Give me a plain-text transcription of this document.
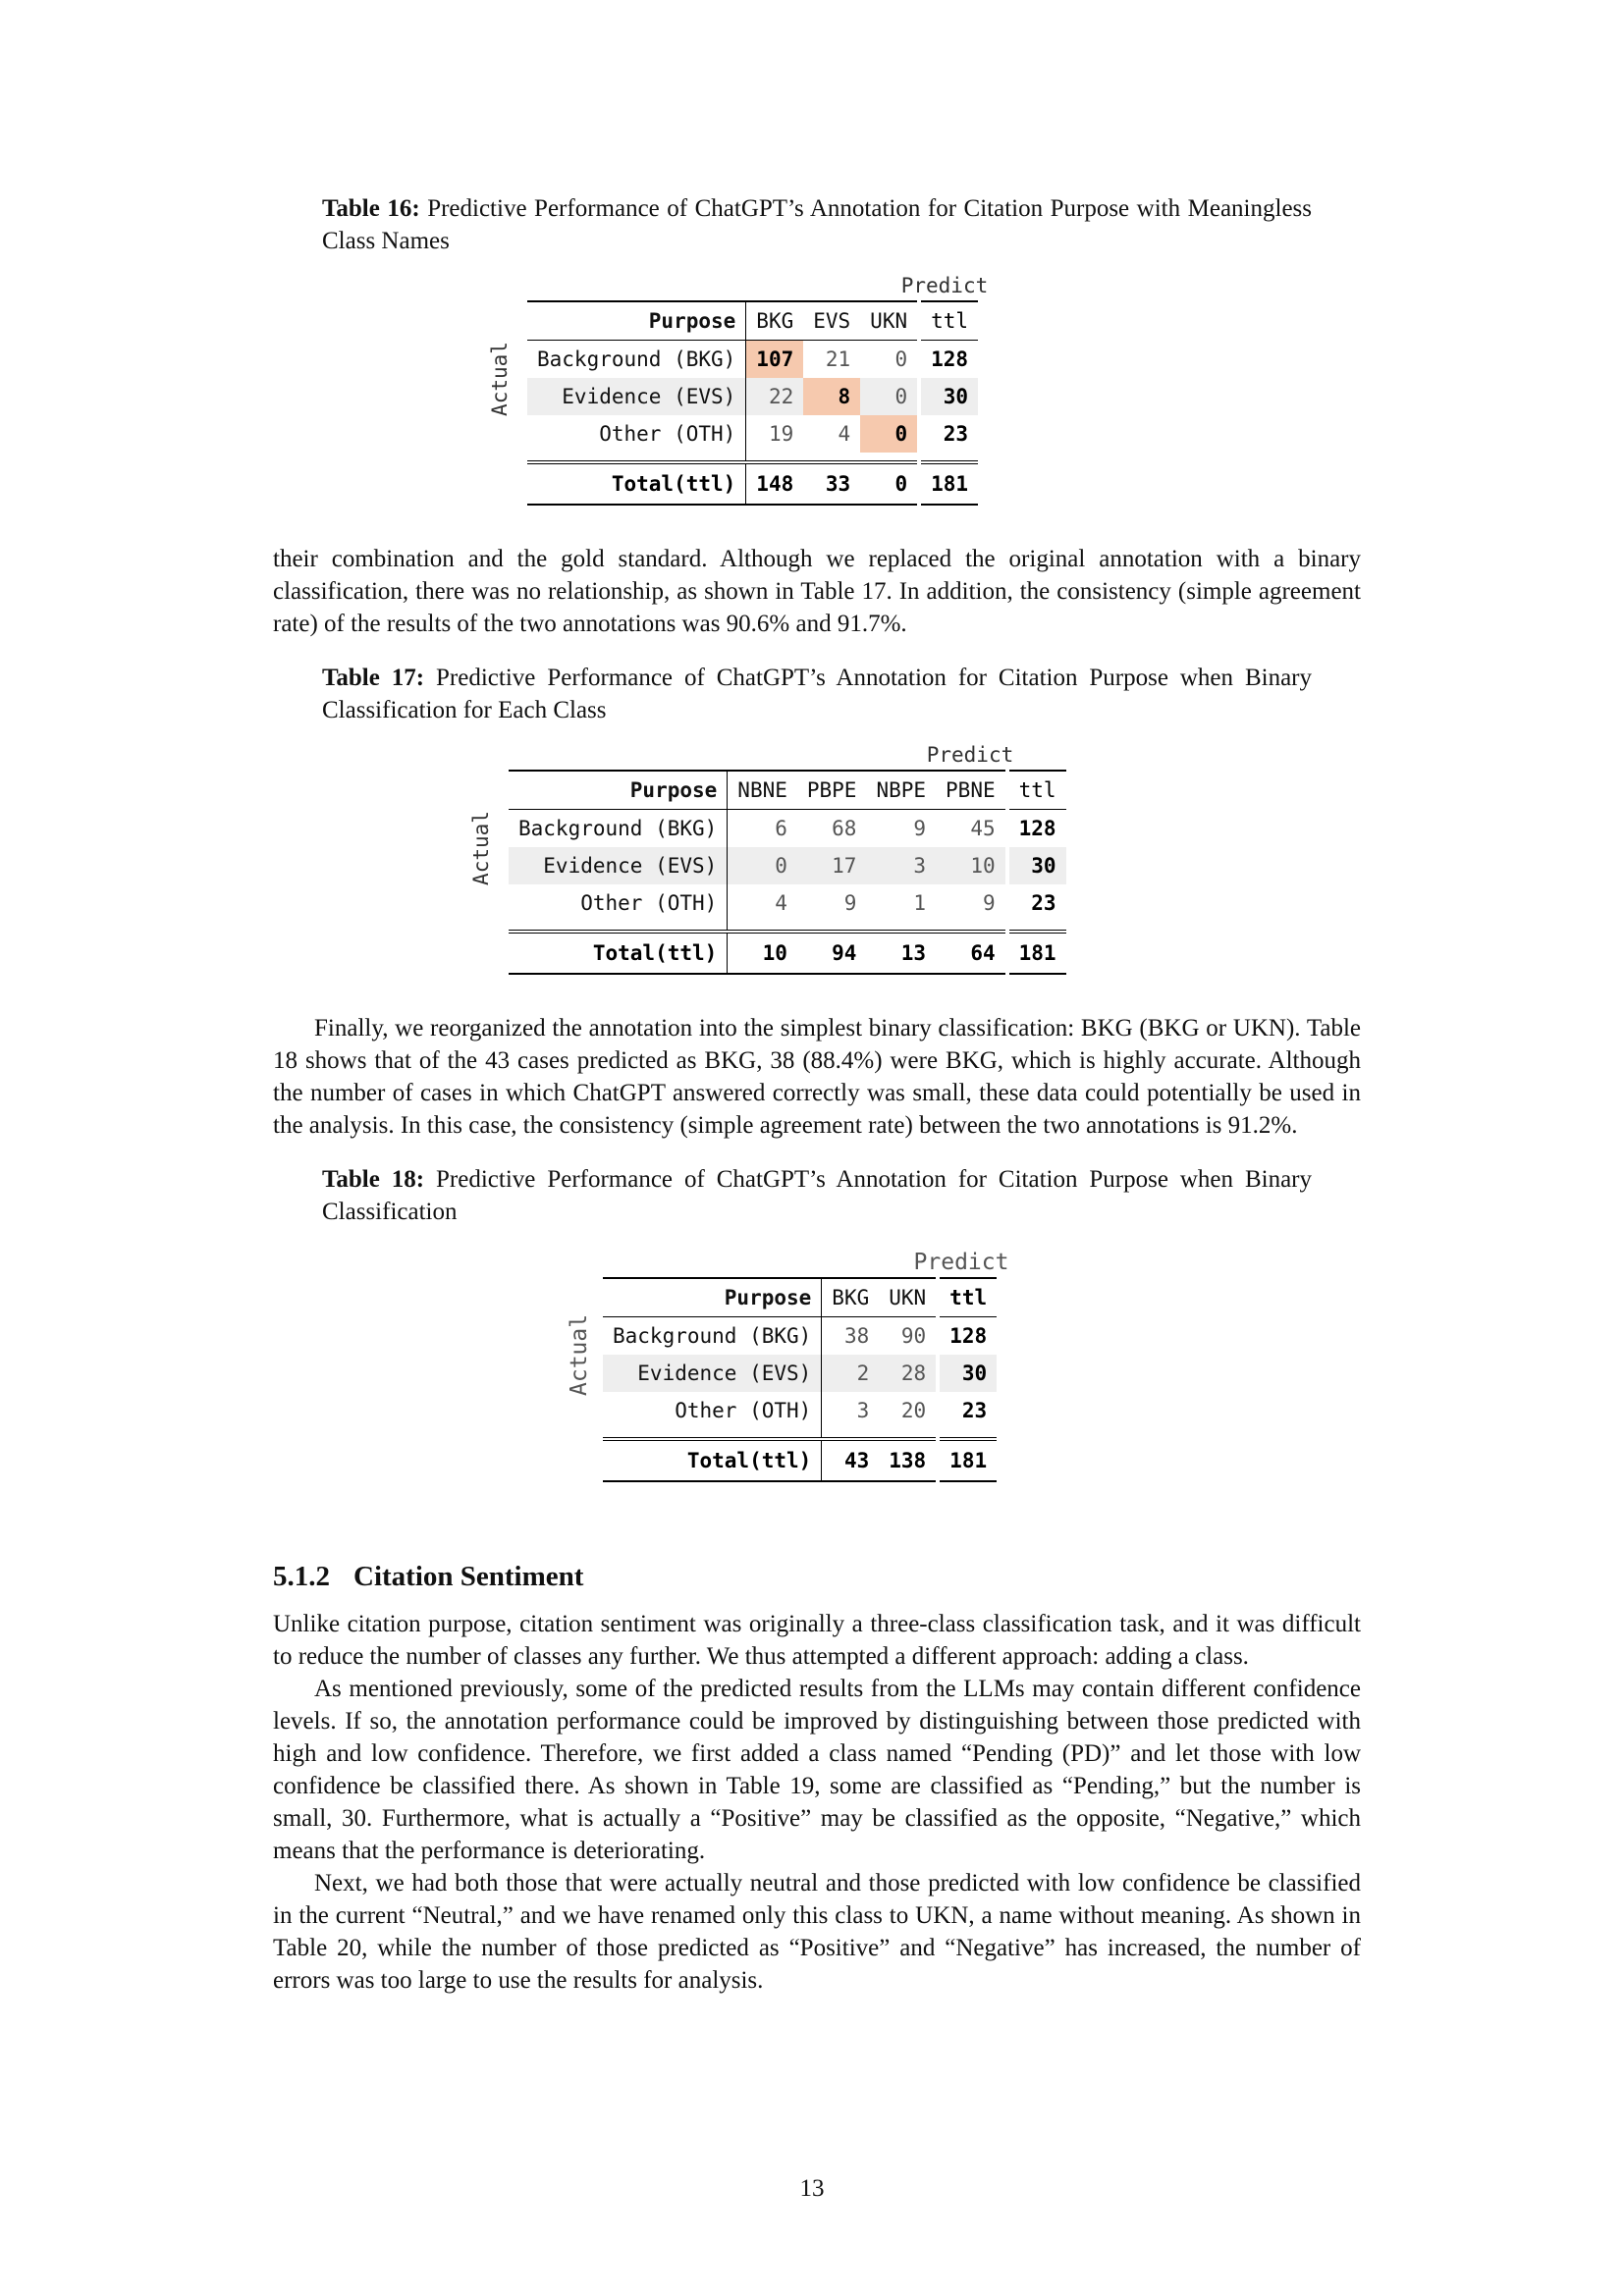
Table 16: Predictive Performance of ChatGPT’s Annotation for Citation Purpose with Meaningless Class Names
Predict
Actual
Purpose	BKG	EVS	UKN		ttl
Background (BKG)	107	21	0		128
Evidence (EVS)	22	8	0		30
Other (OTH)	19	4	0		23

Total(ttl)	148	33	0		181

their combination and the gold standard. Although we replaced the original annotation with a binary classification, there was no relationship, as shown in Table 17. In addition, the consistency (simple agreement rate) of the results of the two annotations was 90.6% and 91.7%.

Table 17: Predictive Performance of ChatGPT’s Annotation for Citation Purpose when Binary Classification for Each Class
Predict
Actual
Purpose	NBNE	PBPE	NBPE	PBNE		ttl
Background (BKG)	6	68	9	45		128
Evidence (EVS)	0	17	3	10		30
Other (OTH)	4	9	1	9		23

Total(ttl)	10	94	13	64		181

Finally, we reorganized the annotation into the simplest binary classification: BKG (BKG or UKN). Table 18 shows that of the 43 cases predicted as BKG, 38 (88.4%) were BKG, which is highly accurate. Although the number of cases in which ChatGPT answered correctly was small, these data could potentially be used in the analysis. In this case, the consistency (simple agreement rate) between the two annotations is 91.2%.

Table 18: Predictive Performance of ChatGPT’s Annotation for Citation Purpose when Binary Classification
Predict
Actual
Purpose	BKG	UKN		ttl
Background (BKG)	38	90		128
Evidence (EVS)	2	28		30
Other (OTH)	3	20		23

Total(ttl)	43	138		181
5.1.2 Citation Sentiment

Unlike citation purpose, citation sentiment was originally a three-class classification task, and it was difficult to reduce the number of classes any further. We thus attempted a different approach: adding a class.

As mentioned previously, some of the predicted results from the LLMs may contain different confidence levels. If so, the annotation performance could be improved by distinguishing between those predicted with high and low confidence. Therefore, we first added a class named “Pending (PD)” and let those with low confidence be classified there. As shown in Table 19, some are classified as “Pending,” but the number is small, 30. Furthermore, what is actually a “Positive” may be classified as the opposite, “Negative,” which means that the performance is deteriorating.

Next, we had both those that were actually neutral and those predicted with low confidence be classified in the current “Neutral,” and we have renamed only this class to UKN, a name without meaning. As shown in Table 20, while the number of those predicted as “Positive” and “Negative” has increased, the number of errors was too large to use the results for analysis.

13
